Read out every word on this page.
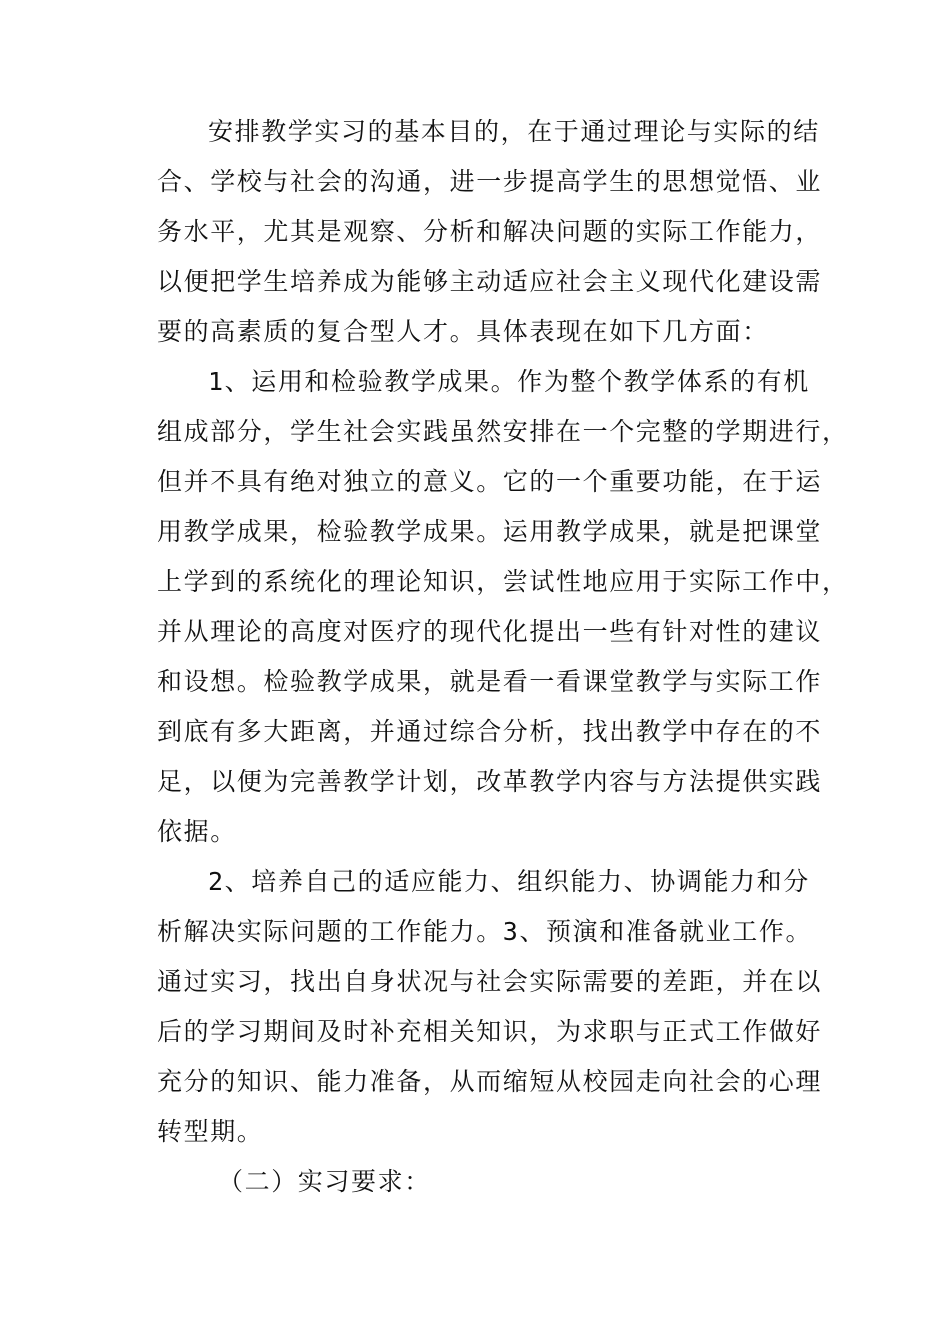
安排教学实习的基本目的，在于通过理论与实际的结
合、学校与社会的沟通，进一步提高学生的思想觉悟、业
务水平，尤其是观察、分析和解决问题的实际工作能力，
以便把学生培养成为能够主动适应社会主义现代化建设需
要的高素质的复合型人才。具体表现在如下几方面：
1、运用和检验教学成果。作为整个教学体系的有机
组成部分，学生社会实践虽然安排在一个完整的学期进行，
但并不具有绝对独立的意义。它的一个重要功能，在于运
用教学成果，检验教学成果。运用教学成果，就是把课堂
上学到的系统化的理论知识，尝试性地应用于实际工作中，
并从理论的高度对医疗的现代化提出一些有针对性的建议
和设想。检验教学成果，就是看一看课堂教学与实际工作
到底有多大距离，并通过综合分析，找出教学中存在的不
足，以便为完善教学计划，改革教学内容与方法提供实践
依据。
2、培养自己的适应能力、组织能力、协调能力和分
析解决实际问题的工作能力。3、预演和准备就业工作。
通过实习，找出自身状况与社会实际需要的差距，并在以
后的学习期间及时补充相关知识，为求职与正式工作做好
充分的知识、能力准备，从而缩短从校园走向社会的心理
转型期。
（二）实习要求：
